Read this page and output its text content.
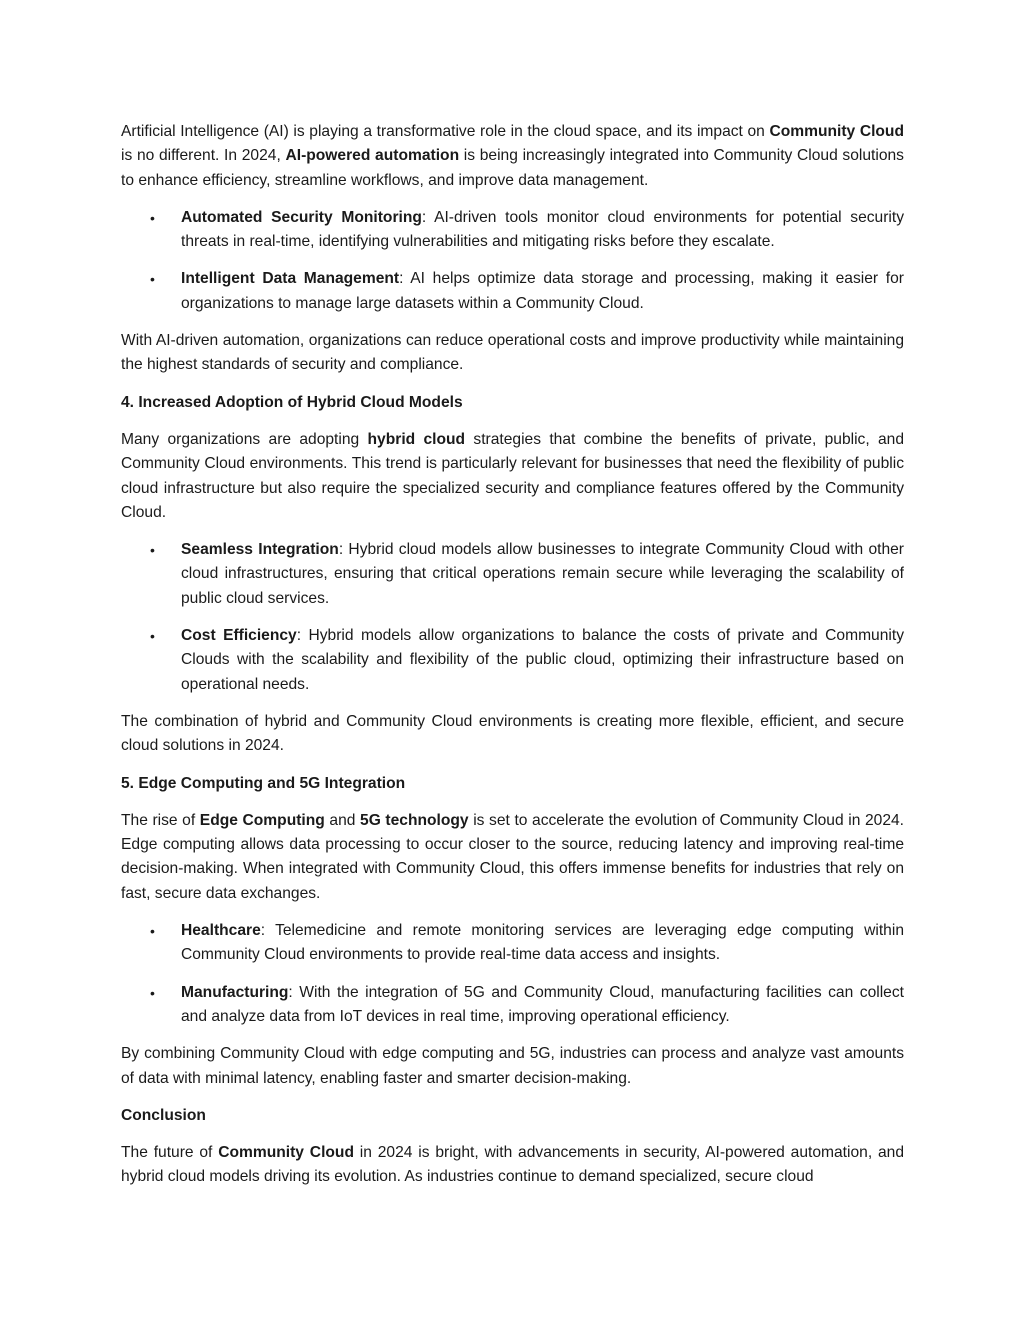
Artificial Intelligence (AI) is playing a transformative role in the cloud space, and its impact on Community Cloud is no different. In 2024, AI-powered automation is being increasingly integrated into Community Cloud solutions to enhance efficiency, streamline workflows, and improve data management.

• Automated Security Monitoring: AI-driven tools monitor cloud environments for potential security threats in real-time, identifying vulnerabilities and mitigating risks before they escalate.
• Intelligent Data Management: AI helps optimize data storage and processing, making it easier for organizations to manage large datasets within a Community Cloud.

With AI-driven automation, organizations can reduce operational costs and improve productivity while maintaining the highest standards of security and compliance.

4. Increased Adoption of Hybrid Cloud Models

Many organizations are adopting hybrid cloud strategies that combine the benefits of private, public, and Community Cloud environments. This trend is particularly relevant for businesses that need the flexibility of public cloud infrastructure but also require the specialized security and compliance features offered by the Community Cloud.

• Seamless Integration: Hybrid cloud models allow businesses to integrate Community Cloud with other cloud infrastructures, ensuring that critical operations remain secure while leveraging the scalability of public cloud services.
• Cost Efficiency: Hybrid models allow organizations to balance the costs of private and Community Clouds with the scalability and flexibility of the public cloud, optimizing their infrastructure based on operational needs.

The combination of hybrid and Community Cloud environments is creating more flexible, efficient, and secure cloud solutions in 2024.

5. Edge Computing and 5G Integration

The rise of Edge Computing and 5G technology is set to accelerate the evolution of Community Cloud in 2024. Edge computing allows data processing to occur closer to the source, reducing latency and improving real-time decision-making. When integrated with Community Cloud, this offers immense benefits for industries that rely on fast, secure data exchanges.

• Healthcare: Telemedicine and remote monitoring services are leveraging edge computing within Community Cloud environments to provide real-time data access and insights.
• Manufacturing: With the integration of 5G and Community Cloud, manufacturing facilities can collect and analyze data from IoT devices in real time, improving operational efficiency.

By combining Community Cloud with edge computing and 5G, industries can process and analyze vast amounts of data with minimal latency, enabling faster and smarter decision-making.

Conclusion

The future of Community Cloud in 2024 is bright, with advancements in security, AI-powered automation, and hybrid cloud models driving its evolution. As industries continue to demand specialized, secure cloud
